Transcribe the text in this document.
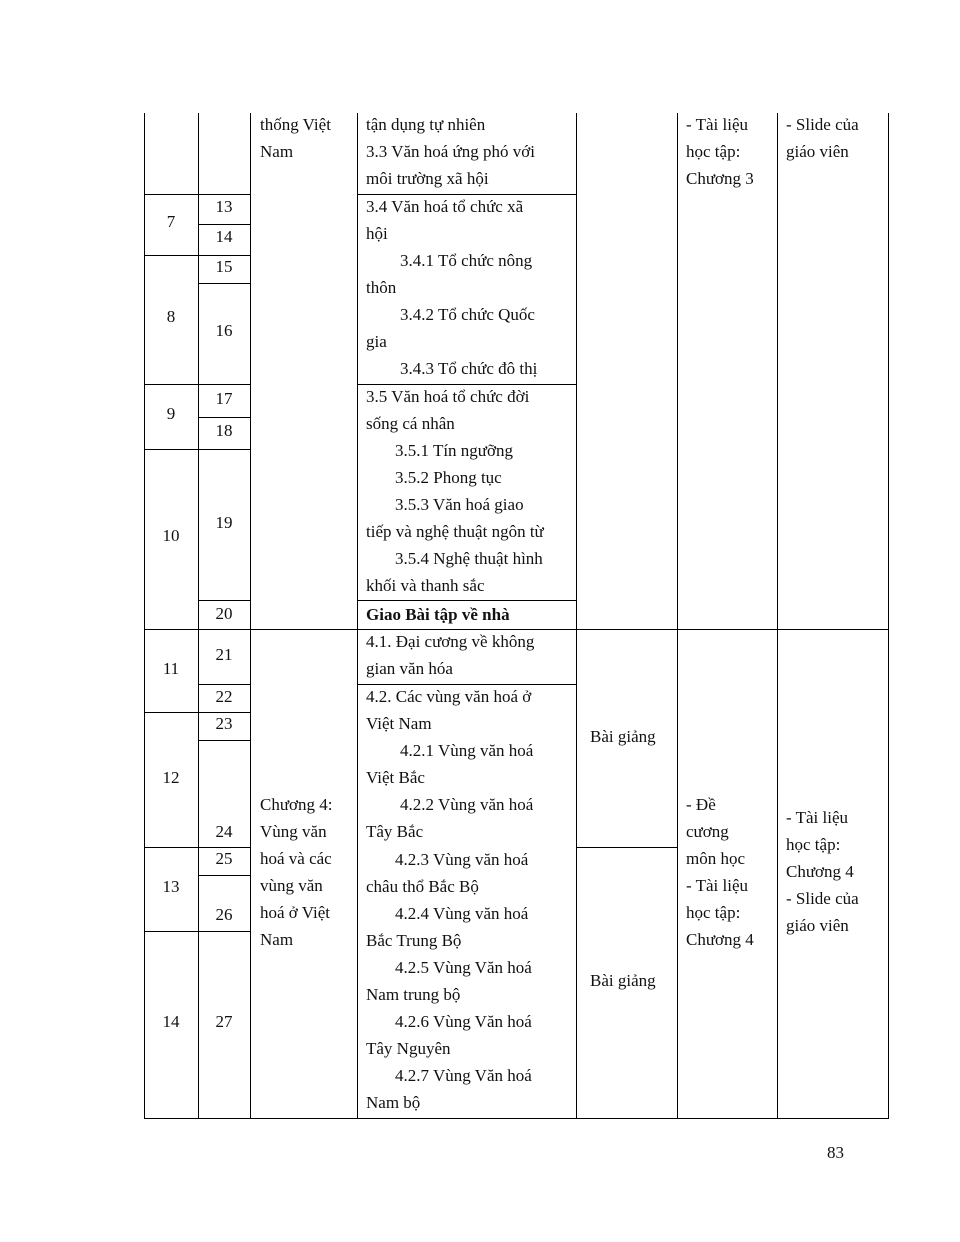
7
8
9
10
11
12
13
14
13
14
15
16
17
18
19
20
21
22
23
24
25
26
27
thống Việt
Nam
Chương 4:
Vùng văn
hoá và các
vùng văn
hoá ở Việt
Nam
tận dụng tự nhiên
3.3 Văn hoá ứng phó với
môi trường xã hội
3.4 Văn hoá tổ chức xã
hội
3.4.1 Tổ chức nông
thôn
3.4.2 Tổ chức Quốc
gia
3.4.3 Tổ chức đô thị
3.5 Văn hoá tổ chức đời
sống cá nhân
3.5.1 Tín ngưỡng
3.5.2 Phong tục
3.5.3 Văn hoá giao
tiếp và nghệ thuật ngôn từ
3.5.4 Nghệ thuật hình
khối và thanh sắc
Giao Bài tập về nhà
4.1. Đại cương về không
gian văn hóa
4.2. Các vùng văn hoá ở
Việt Nam
4.2.1 Vùng văn hoá
Việt Bắc
4.2.2 Vùng văn hoá
Tây Bắc
4.2.3 Vùng văn hoá
châu thổ Bắc Bộ
4.2.4 Vùng văn hoá
Bắc Trung Bộ
4.2.5 Vùng Văn hoá
Nam trung bộ
4.2.6 Vùng Văn hoá
Tây Nguyên
4.2.7 Vùng Văn hoá
Nam bộ
Bài giảng
Bài giảng
- Tài liệu
học tập:
Chương 3
- Đề
cương
môn học
- Tài liệu
học tập:
Chương 4
- Slide của
giáo viên
- Tài liệu
học tập:
Chương 4
- Slide của
giáo viên
83
